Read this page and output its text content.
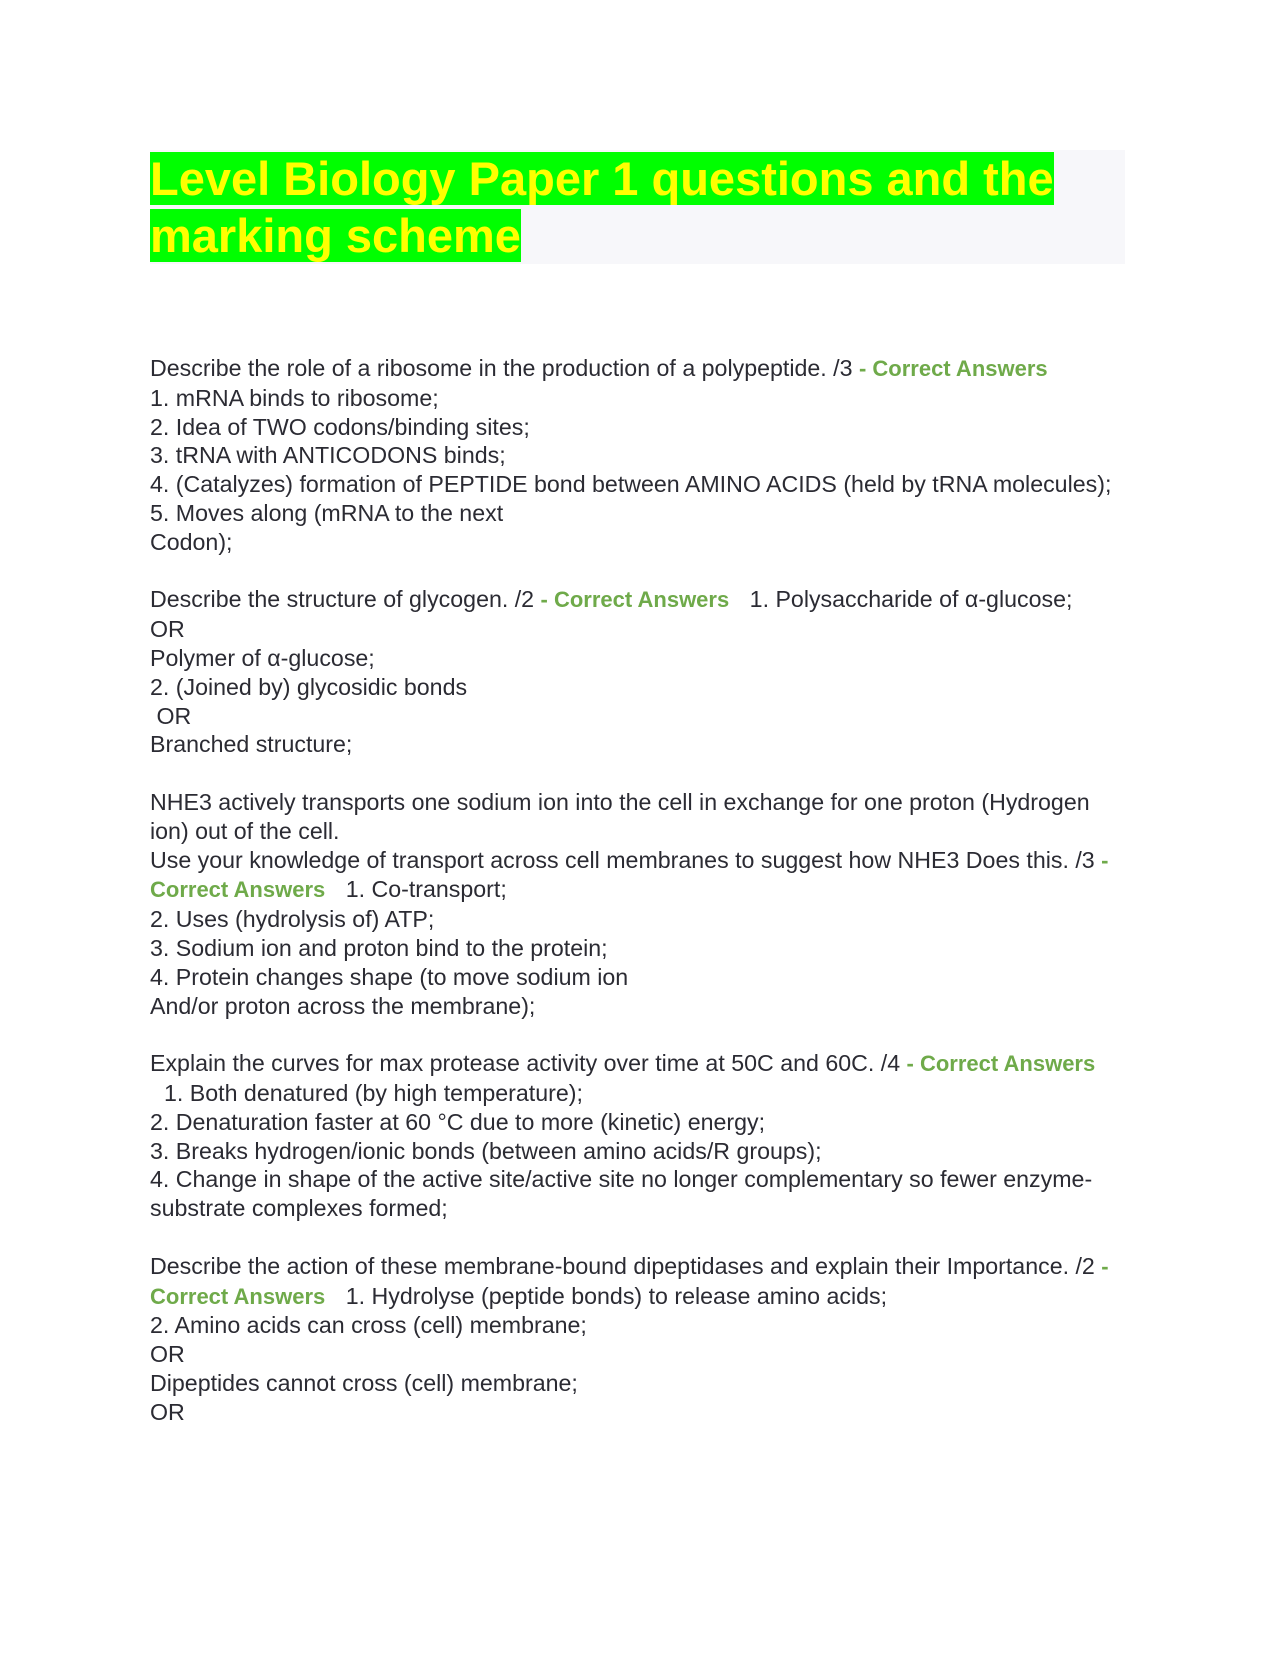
Level Biology Paper 1 questions and the marking scheme
Describe the role of a ribosome in the production of a polypeptide. /3 - Correct Answers
1. mRNA binds to ribosome;
2. Idea of TWO codons/binding sites;
3. tRNA with ANTICODONS binds;
4. (Catalyzes) formation of PEPTIDE bond between AMINO ACIDS (held by tRNA molecules);
5. Moves along (mRNA to the next
Codon);
Describe the structure of glycogen. /2 - Correct Answers 1. Polysaccharide of α-glucose;
OR
Polymer of α-glucose;
2. (Joined by) glycosidic bonds
OR
Branched structure;
NHE3 actively transports one sodium ion into the cell in exchange for one proton (Hydrogen ion) out of the cell.
Use your knowledge of transport across cell membranes to suggest how NHE3 Does this. /3 - Correct Answers 1. Co-transport;
2. Uses (hydrolysis of) ATP;
3. Sodium ion and proton bind to the protein;
4. Protein changes shape (to move sodium ion
And/or proton across the membrane);
Explain the curves for max protease activity over time at 50C and 60C. /4 - Correct Answers 1. Both denatured (by high temperature);
2. Denaturation faster at 60 °C due to more (kinetic) energy;
3. Breaks hydrogen/ionic bonds (between amino acids/R groups);
4. Change in shape of the active site/active site no longer complementary so fewer enzyme-substrate complexes formed;
Describe the action of these membrane-bound dipeptidases and explain their Importance. /2 - Correct Answers 1. Hydrolyse (peptide bonds) to release amino acids;
2. Amino acids can cross (cell) membrane;
OR
Dipeptides cannot cross (cell) membrane;
OR
